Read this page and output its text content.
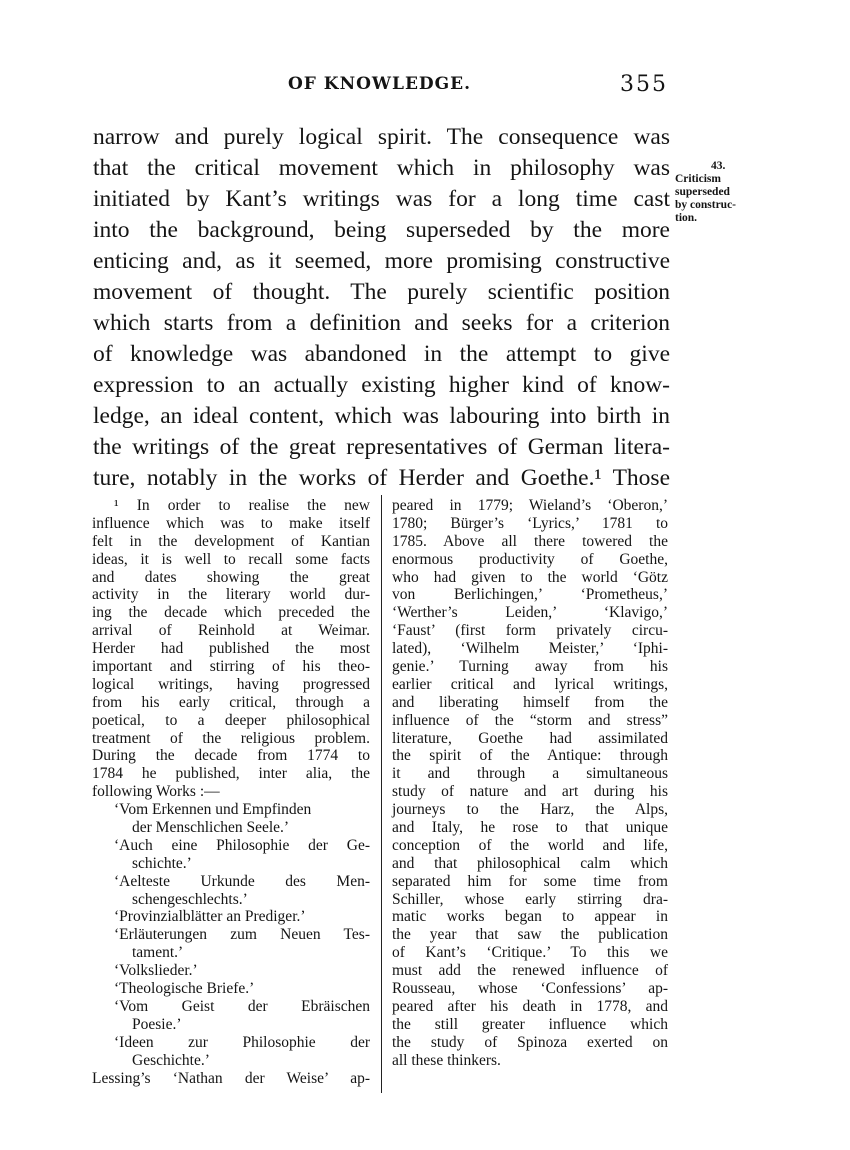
OF KNOWLEDGE.	355
narrow and purely logical spirit. The consequence was
that the critical movement which in philosophy was
initiated by Kant’s writings was for a long time cast
into the background, being superseded by the more
enticing and, as it seemed, more promising constructive
movement of thought. The purely scientific position
which starts from a definition and seeks for a criterion
of knowledge was abandoned in the attempt to give
expression to an actually existing higher kind of know-
ledge, an ideal content, which was labouring into birth in
the writings of the great representatives of German litera-
ture, notably in the works of Herder and Goethe.¹ Those
43.
Criticism
superseded
by construc-
tion.
¹ In order to realise the new
influence which was to make itself
felt in the development of Kantian
ideas, it is well to recall some facts
and dates showing the great
activity in the literary world dur-
ing the decade which preceded the
arrival of Reinhold at Weimar.
Herder had published the most
important and stirring of his theo-
logical writings, having progressed
from his early critical, through a
poetical, to a deeper philosophical
treatment of the religious problem.
During the decade from 1774 to
1784 he published, inter alia, the
following Works :—
‘Vom Erkennen und Empfinden
der Menschlichen Seele.’
‘Auch eine Philosophie der Ge-
schichte.’
‘Aelteste Urkunde des Men-
schengeschlechts.’
‘Provinzialblätter an Prediger.’
‘Erläuterungen zum Neuen Tes-
tament.’
‘Volkslieder.’
‘Theologische Briefe.’
‘Vom Geist der Ebräischen
Poesie.’
‘Ideen zur Philosophie der
Geschichte.’
Lessing’s ‘Nathan der Weise’ ap-
peared in 1779; Wieland’s ‘Oberon,’
1780; Bürger’s ‘Lyrics,’ 1781 to
1785. Above all there towered the
enormous productivity of Goethe,
who had given to the world ‘Götz
von Berlichingen,’ ‘Prometheus,’
‘Werther’s Leiden,’ ‘Klavigo,’
‘Faust’ (first form privately circu-
lated), ‘Wilhelm Meister,’ ‘Iphi-
genie.’ Turning away from his
earlier critical and lyrical writings,
and liberating himself from the
influence of the “storm and stress”
literature, Goethe had assimilated
the spirit of the Antique: through
it and through a simultaneous
study of nature and art during his
journeys to the Harz, the Alps,
and Italy, he rose to that unique
conception of the world and life,
and that philosophical calm which
separated him for some time from
Schiller, whose early stirring dra-
matic works began to appear in
the year that saw the publication
of Kant’s ‘Critique.’ To this we
must add the renewed influence of
Rousseau, whose ‘Confessions’ ap-
peared after his death in 1778, and
the still greater influence which
the study of Spinoza exerted on
all these thinkers.
